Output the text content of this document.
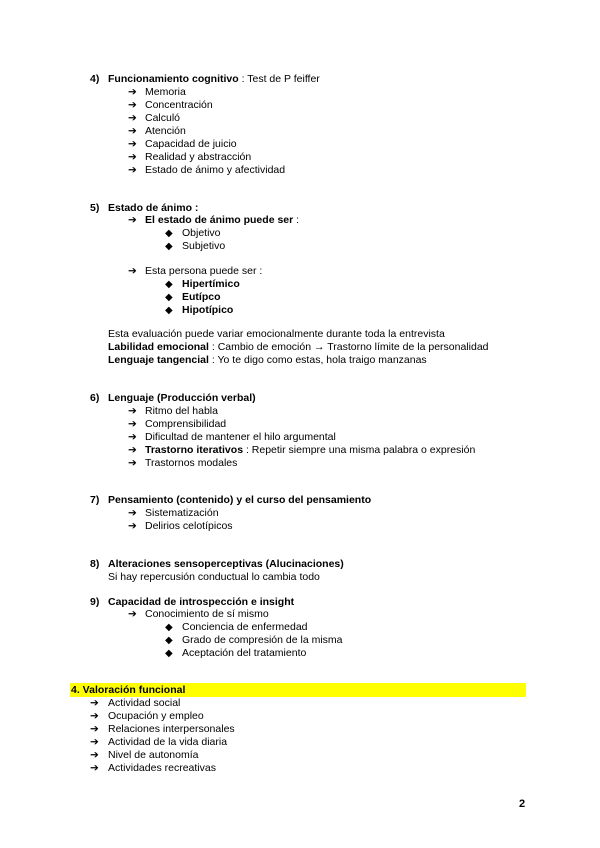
4) Funcionamiento cognitivo : Test de P feiffer
➔ Memoria
➔ Concentración
➔ Calculó
➔ Atención
➔ Capacidad de juicio
➔ Realidad y abstracción
➔ Estado de ánimo y afectividad
5) Estado de ánimo :
➔ El estado de ánimo puede ser :
◆ Objetivo
◆ Subjetivo
➔ Esta persona puede ser :
◆ Hipertímico
◆ Eutípco
◆ Hipotípico
Esta evaluación puede variar emocionalmente durante toda la entrevista
Labilidad emocional : Cambio de emoción → Trastorno límite de la personalidad
Lenguaje tangencial : Yo te digo como estas, hola traigo manzanas
6) Lenguaje (Producción verbal)
➔ Ritmo del habla
➔ Comprensibilidad
➔ Dificultad de mantener el hilo argumental
➔ Trastorno iterativos : Repetir siempre una misma palabra o expresión
➔ Trastornos modales
7) Pensamiento (contenido) y el curso del pensamiento
➔ Sistematización
➔ Delirios celotípicos
8) Alteraciones sensoperceptivas (Alucinaciones)
Si hay repercusión conductual lo cambia todo
9) Capacidad de introspección e insight
➔ Conocimiento de sí mismo
◆ Conciencia de enfermedad
◆ Grado de compresión de la misma
◆ Aceptación del tratamiento
4. Valoración funcional
➔ Actividad social
➔ Ocupación y empleo
➔ Relaciones interpersonales
➔ Actividad de la vida diaria
➔ Nivel de autonomía
➔ Actividades recreativas
2
